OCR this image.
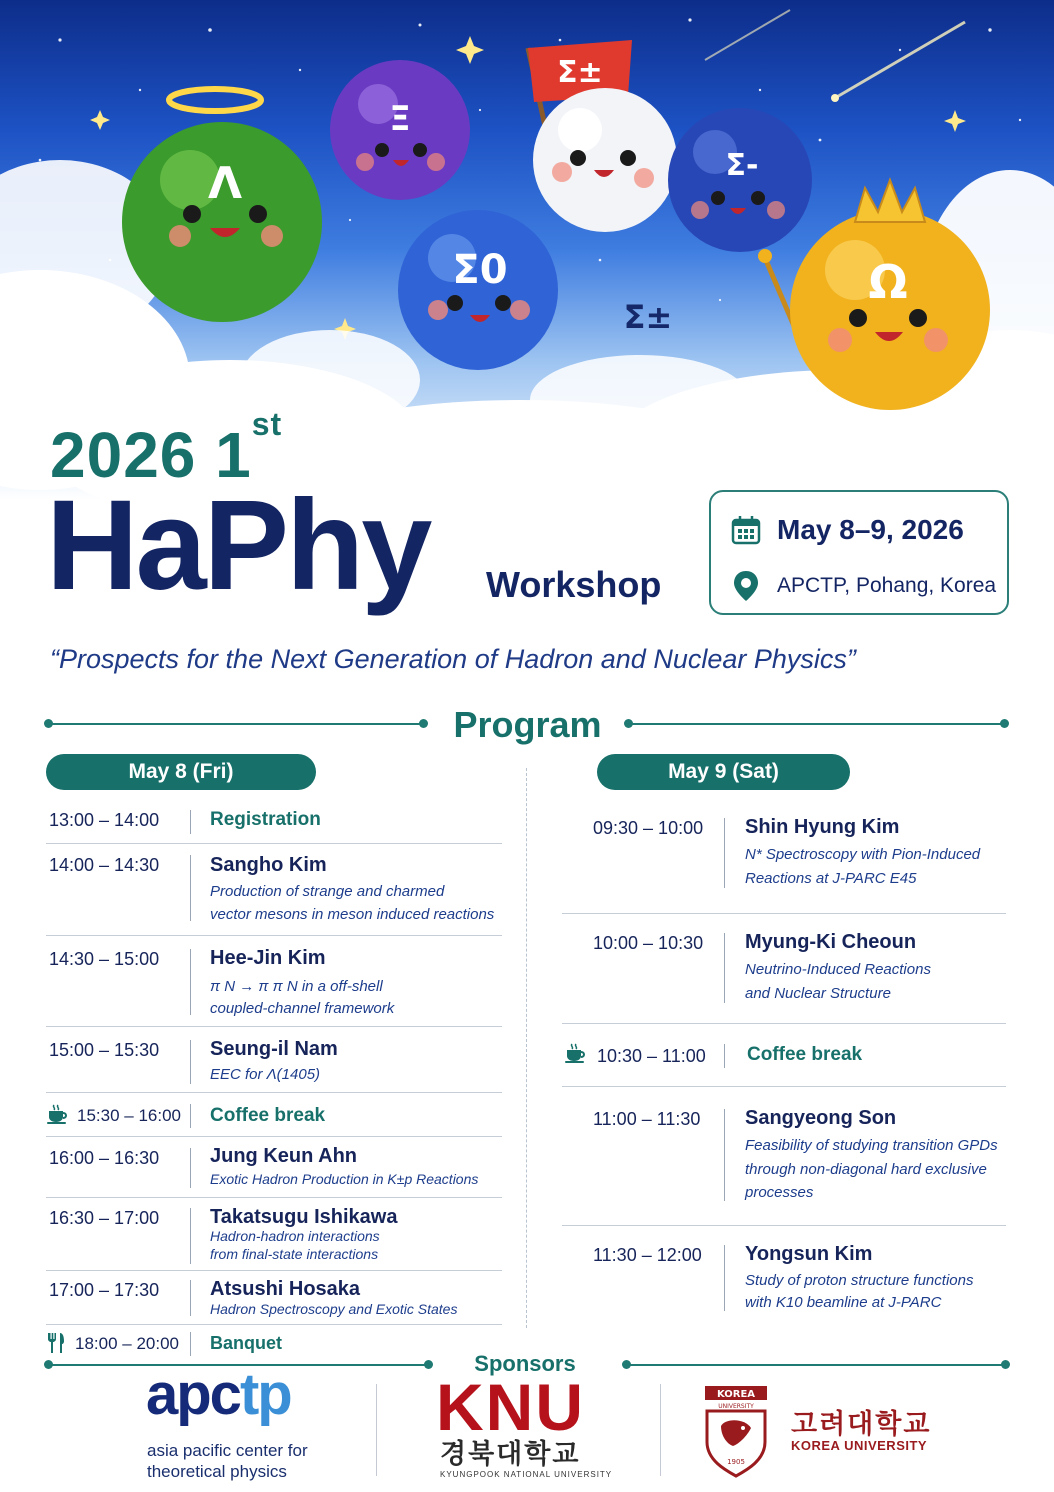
Λ
Ξ
Σ0
Σ±
Σ-
Ω
Σ±
2026 1st
HaPhy Workshop
May 8–9, 2026
APCTP, Pohang, Korea
“Prospects for the Next Generation of Hadron and Nuclear Physics”
Program
May 8 (Fri)	May 9 (Sat)
13:00 – 14:00	Registration
14:00 – 14:30	Sangho Kim
Production of strange and charmed
vector mesons in meson induced reactions
14:30 – 15:00	Hee-Jin Kim
π N → π π N in a off-shell
coupled-channel framework
15:00 – 15:30	Seung-il Nam
EEC for Λ(1405)
15:30 – 16:00 Coffee break
16:00 – 16:30	Jung Keun Ahn
Exotic Hadron Production in K±p Reactions
16:30 – 17:00	Takatsugu Ishikawa
Hadron-hadron interactions
from final-state interactions
17:00 – 17:30	Atsushi Hosaka
Hadron Spectroscopy and Exotic States
18:00 – 20:00 Banquet
09:30 – 10:00 Shin Hyung Kim
N* Spectroscopy with Pion-Induced
Reactions at J-PARC E45
10:00 – 10:30 Myung-Ki Cheoun
Neutrino-Induced Reactions
and Nuclear Structure
10:30 – 11:00 Coffee break
11:00 – 11:30 Sangyeong Son
Feasibility of studying transition GPDs
through non-diagonal hard exclusive
processes
11:30 – 12:00 Yongsun Kim
Study of proton structure functions
with K10 beamline at J-PARC
Sponsors
apctp
asia pacific center for
theoretical physics
KNU
경북대학교
KYUNGPOOK NATIONAL UNIVERSITY
KOREA
UNIVERSITY
1905
고려대학교
KOREA UNIVERSITY
